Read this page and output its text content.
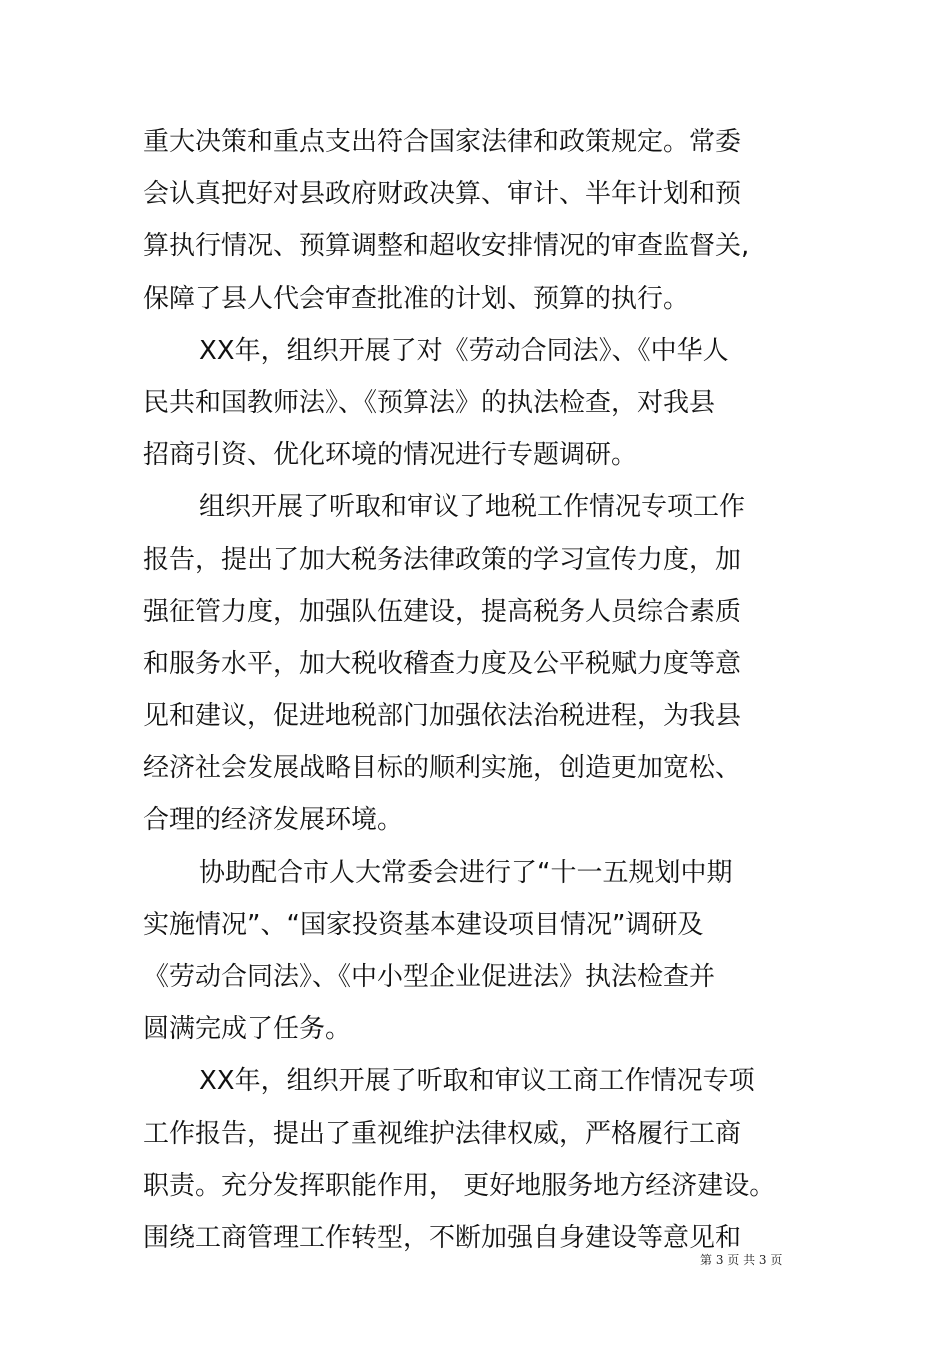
重大决策和重点支出符合国家法律和政策规定。常委
会认真把好对县政府财政决算、审计、半年计划和预
算执行情况、预算调整和超收安排情况的审查监督关,
保障了县人代会审查批准的计划、预算的执行。
XX年，组织开展了对《劳动合同法》、《中华人
民共和国教师法》、《预算法》的执法检查，对我县
招商引资、优化环境的情况进行专题调研。
组织开展了听取和审议了地税工作情况专项工作
报告，提出了加大税务法律政策的学习宣传力度，加
强征管力度，加强队伍建设，提高税务人员综合素质
和服务水平，加大税收稽查力度及公平税赋力度等意
见和建议，促进地税部门加强依法治税进程，为我县
经济社会发展战略目标的顺利实施，创造更加宽松、
合理的经济发展环境。
协助配合市人大常委会进行了“十一五规划中期
实施情况”、“国家投资基本建设项目情况”调研及
《劳动合同法》、《中小型企业促进法》执法检查并
圆满完成了任务。
XX年，组织开展了听取和审议工商工作情况专项
工作报告，提出了重视维护法律权威，严格履行工商
职责。充分发挥职能作用， 更好地服务地方经济建设。
围绕工商管理工作转型，不断加强自身建设等意见和
第 3 页 共 3 页
